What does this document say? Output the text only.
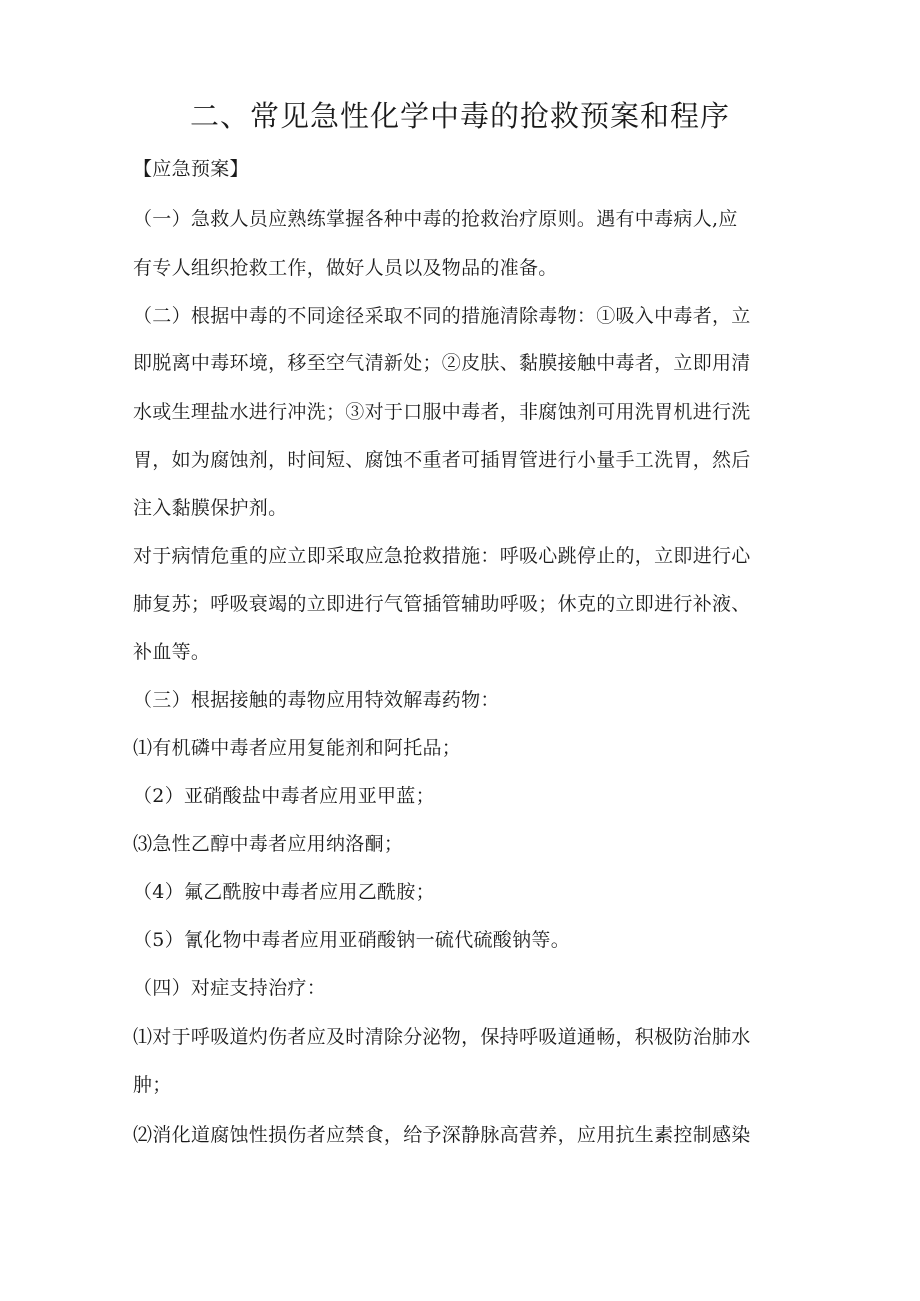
二、常见急性化学中毒的抢救预案和程序
【应急预案】
（一）急救人员应熟练掌握各种中毒的抢救治疗原则。遇有中毒病人,应
有专人组织抢救工作，做好人员以及物品的准备。
（二）根据中毒的不同途径采取不同的措施清除毒物：①吸入中毒者，立
即脱离中毒环境，移至空气清新处；②皮肤、黏膜接触中毒者，立即用清
水或生理盐水进行冲洗；③对于口服中毒者，非腐蚀剂可用洗胃机进行洗
胃，如为腐蚀剂，时间短、腐蚀不重者可插胃管进行小量手工洗胃，然后
注入黏膜保护剂。
对于病情危重的应立即采取应急抢救措施：呼吸心跳停止的，立即进行心
肺复苏；呼吸衰竭的立即进行气管插管辅助呼吸；休克的立即进行补液、
补血等。
（三）根据接触的毒物应用特效解毒药物：
⑴有机磷中毒者应用复能剂和阿托品；
（2）亚硝酸盐中毒者应用亚甲蓝；
⑶急性乙醇中毒者应用纳洛酮；
（4）氟乙酰胺中毒者应用乙酰胺；
（5）氰化物中毒者应用亚硝酸钠一硫代硫酸钠等。
（四）对症支持治疗：
⑴对于呼吸道灼伤者应及时清除分泌物，保持呼吸道通畅，积极防治肺水
肿；
⑵消化道腐蚀性损伤者应禁食，给予深静脉高营养，应用抗生素控制感染
